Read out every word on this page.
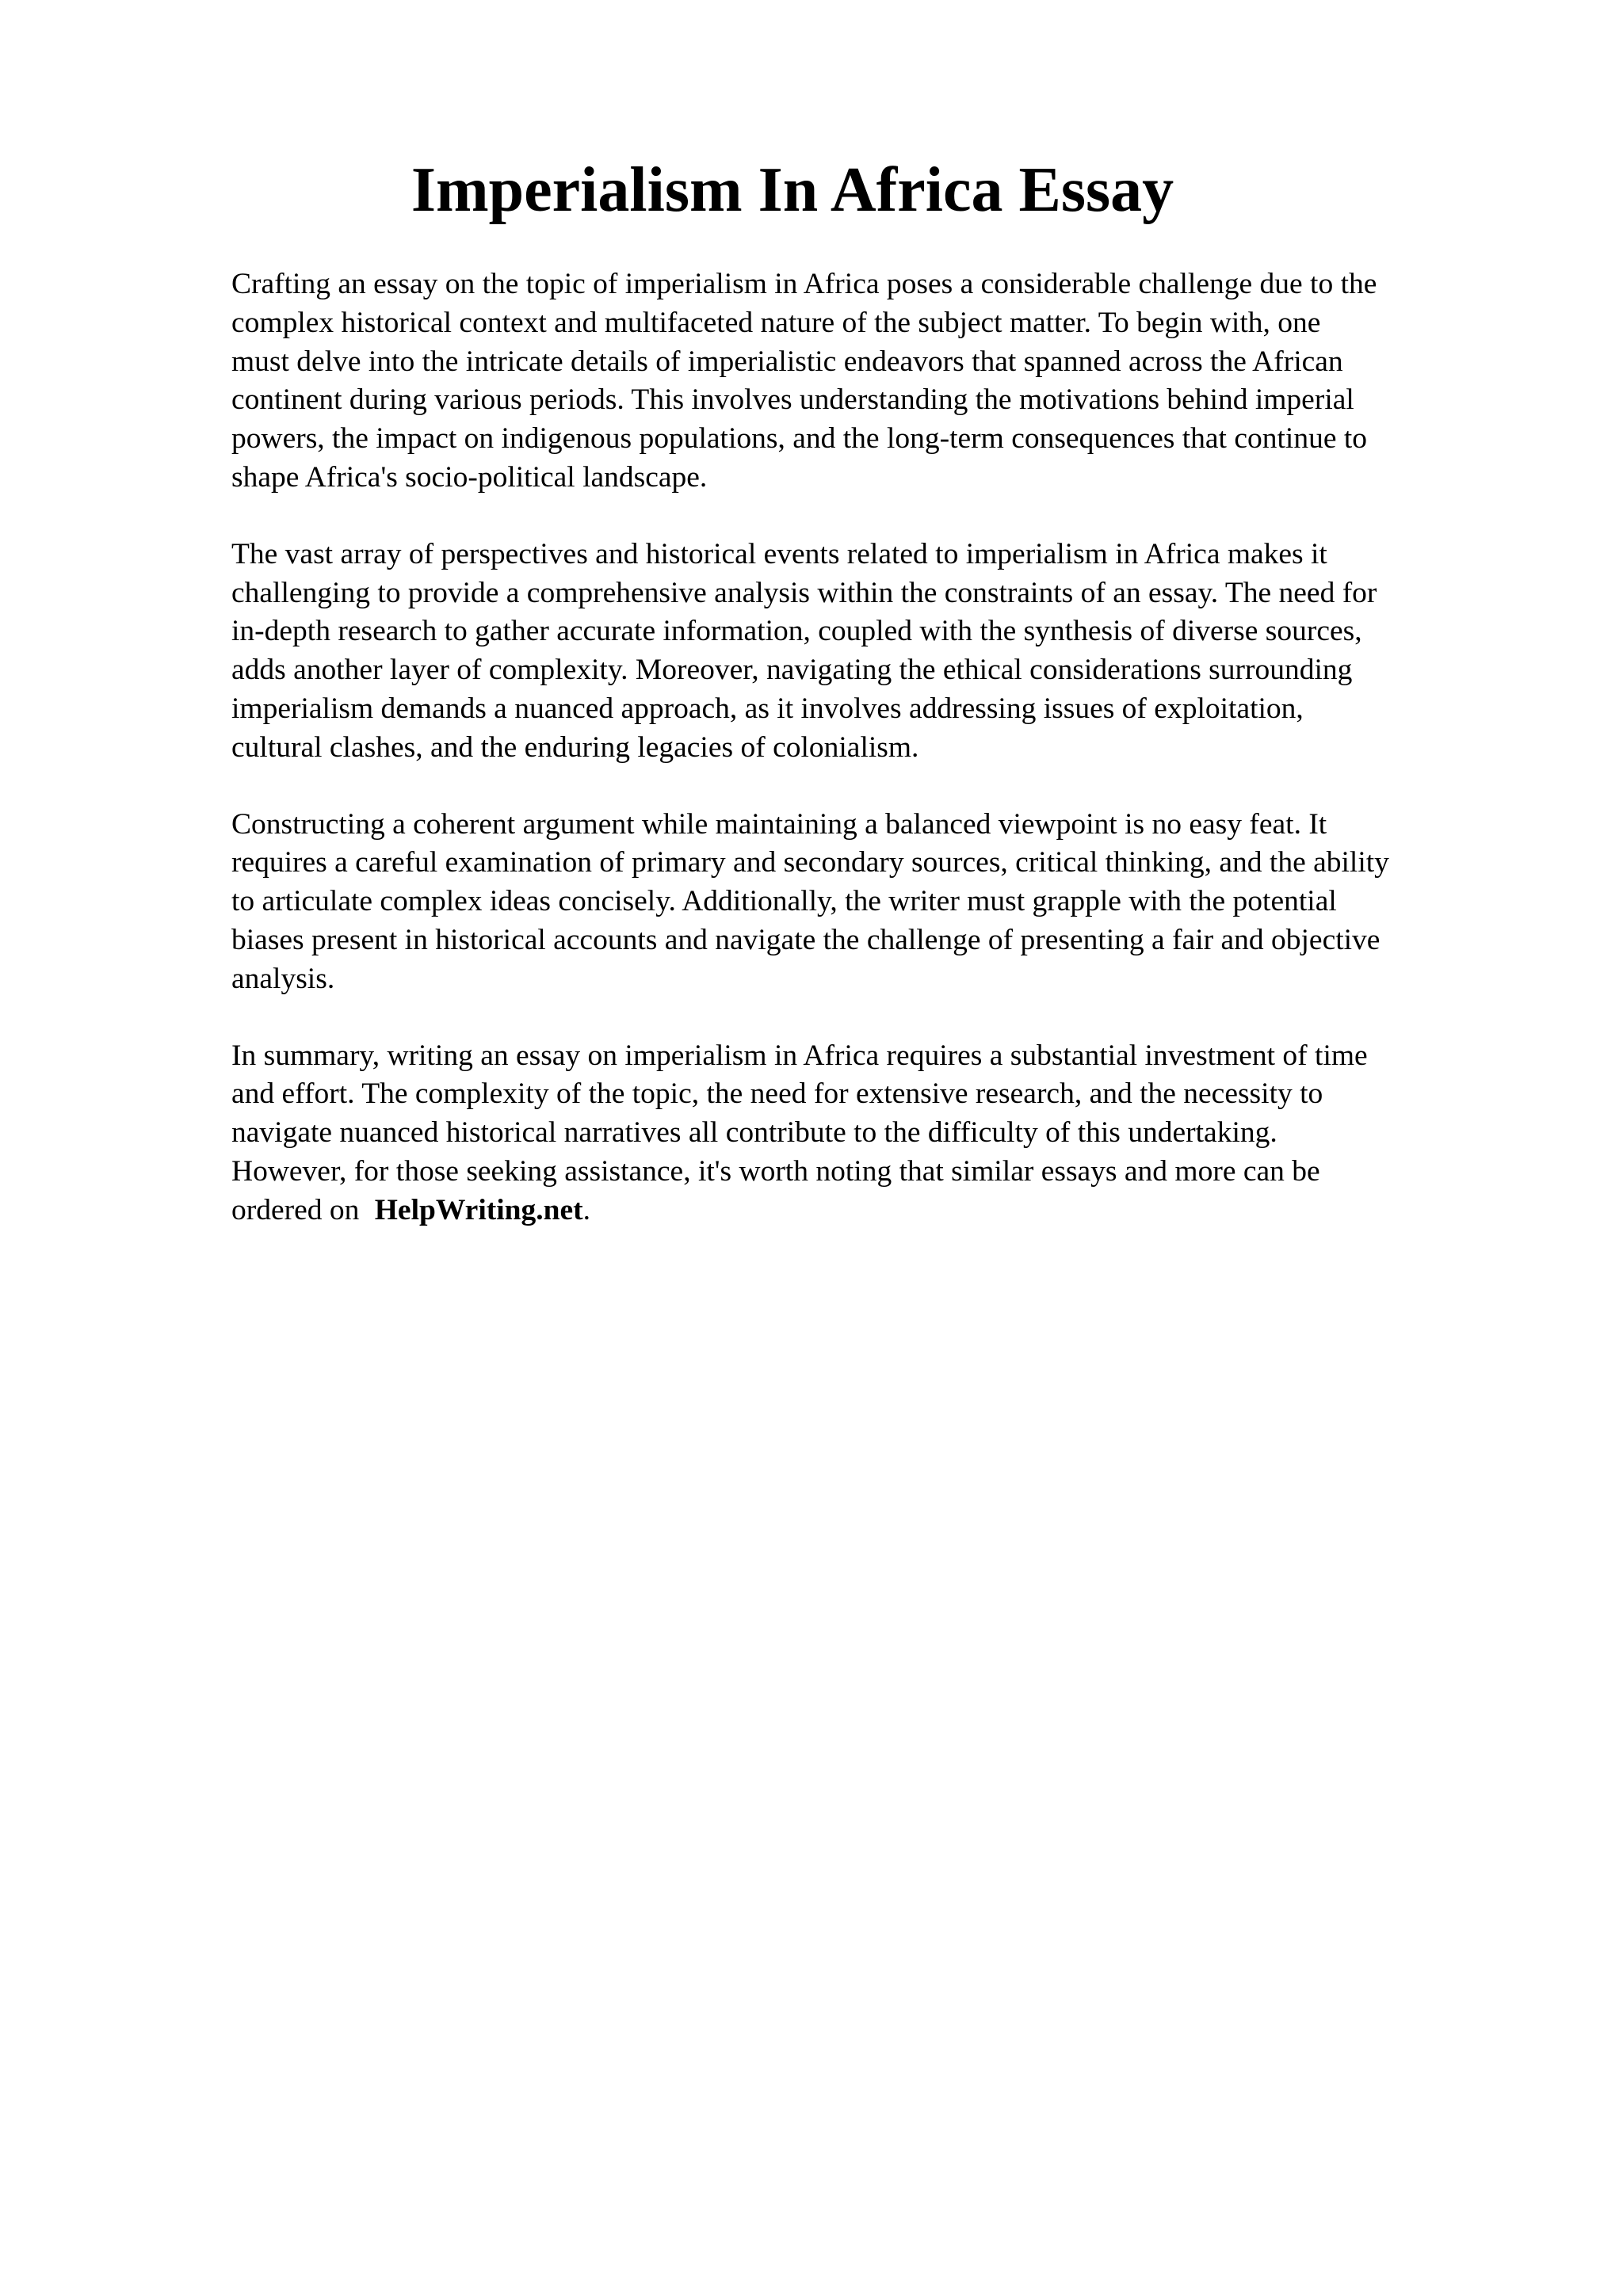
Imperialism In Africa Essay

Crafting an essay on the topic of imperialism in Africa poses a considerable challenge due to the
complex historical context and multifaceted nature of the subject matter. To begin with, one
must delve into the intricate details of imperialistic endeavors that spanned across the African
continent during various periods. This involves understanding the motivations behind imperial
powers, the impact on indigenous populations, and the long-term consequences that continue to
shape Africa's socio-political landscape.

The vast array of perspectives and historical events related to imperialism in Africa makes it
challenging to provide a comprehensive analysis within the constraints of an essay. The need for
in-depth research to gather accurate information, coupled with the synthesis of diverse sources,
adds another layer of complexity. Moreover, navigating the ethical considerations surrounding
imperialism demands a nuanced approach, as it involves addressing issues of exploitation,
cultural clashes, and the enduring legacies of colonialism.

Constructing a coherent argument while maintaining a balanced viewpoint is no easy feat. It
requires a careful examination of primary and secondary sources, critical thinking, and the ability
to articulate complex ideas concisely. Additionally, the writer must grapple with the potential
biases present in historical accounts and navigate the challenge of presenting a fair and objective
analysis.

In summary, writing an essay on imperialism in Africa requires a substantial investment of time
and effort. The complexity of the topic, the need for extensive research, and the necessity to
navigate nuanced historical narratives all contribute to the difficulty of this undertaking.
However, for those seeking assistance, it's worth noting that similar essays and more can be
ordered on HelpWriting.net.
